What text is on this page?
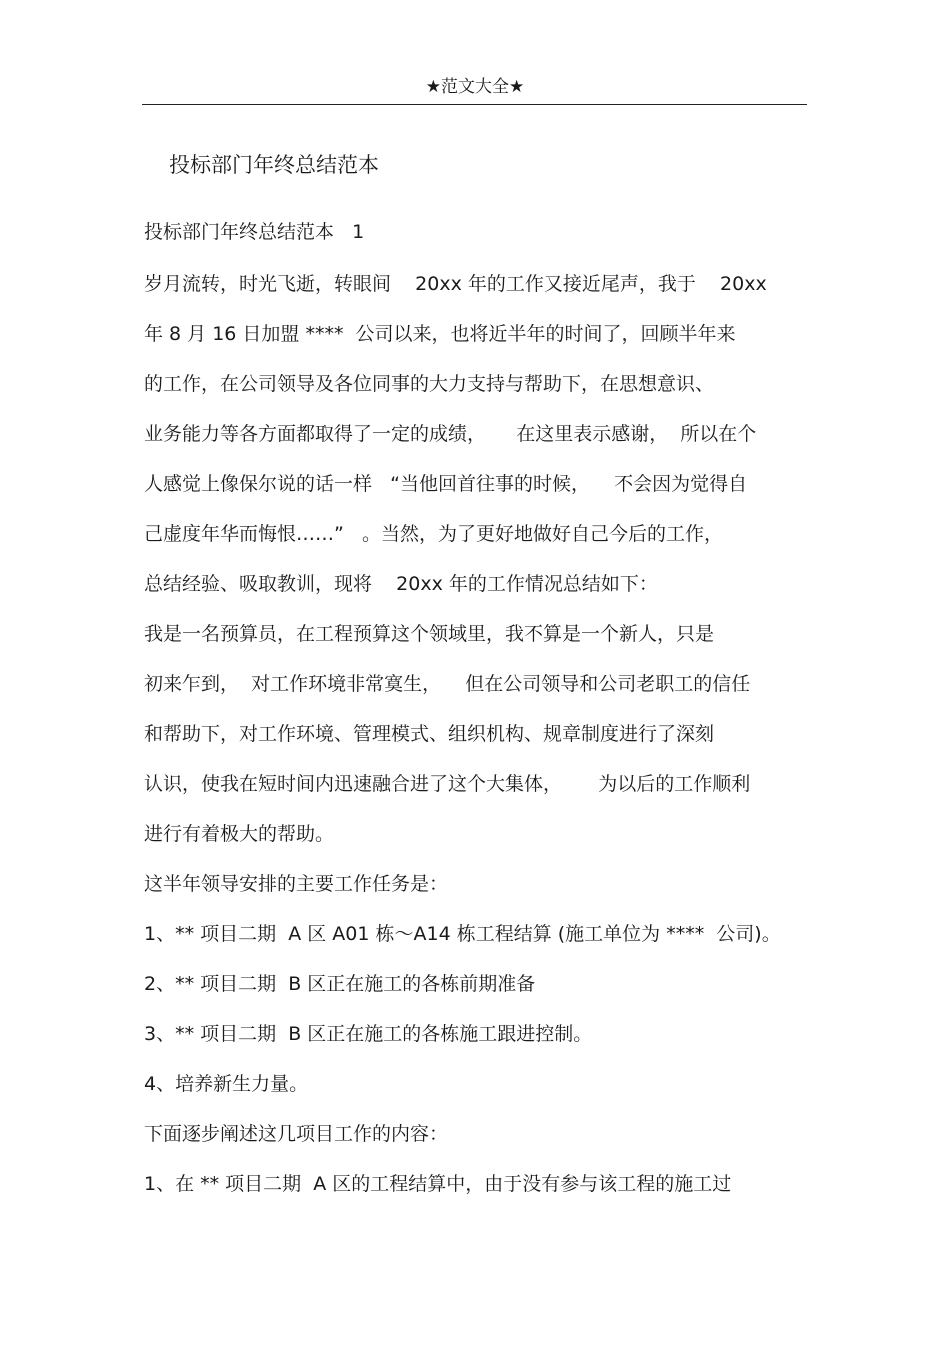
★范文大全★
投标部门年终总结范本
投标部门年终总结范本   1
岁月流转，时光飞逝，转眼间    20xx 年的工作又接近尾声，我于    20xx
年 8 月 16 日加盟 ****  公司以来，也将近半年的时间了，回顾半年来
的工作，在公司领导及各位同事的大力支持与帮助下，在思想意识、
业务能力等各方面都取得了一定的成绩，     在这里表示感谢，  所以在个
人感觉上像保尔说的话一样   “当他回首往事的时候，    不会因为觉得自
己虚度年华而悔恨……”   。当然，为了更好地做好自己今后的工作，
总结经验、吸取教训，现将    20xx 年的工作情况总结如下：
我是一名预算员，在工程预算这个领域里，我不算是一个新人，只是
初来乍到，  对工作环境非常寞生，    但在公司领导和公司老职工的信任
和帮助下，对工作环境、管理模式、组织机构、规章制度进行了深刻
认识，使我在短时间内迅速融合进了这个大集体，      为以后的工作顺利
进行有着极大的帮助。
这半年领导安排的主要工作任务是：
1、** 项目二期  A 区 A01 栋～A14 栋工程结算 (施工单位为 ****  公司)。
2、** 项目二期  B 区正在施工的各栋前期准备
3、** 项目二期  B 区正在施工的各栋施工跟进控制。
4、培养新生力量。
下面逐步阐述这几项目工作的内容：
1、在 ** 项目二期  A 区的工程结算中，由于没有参与该工程的施工过
